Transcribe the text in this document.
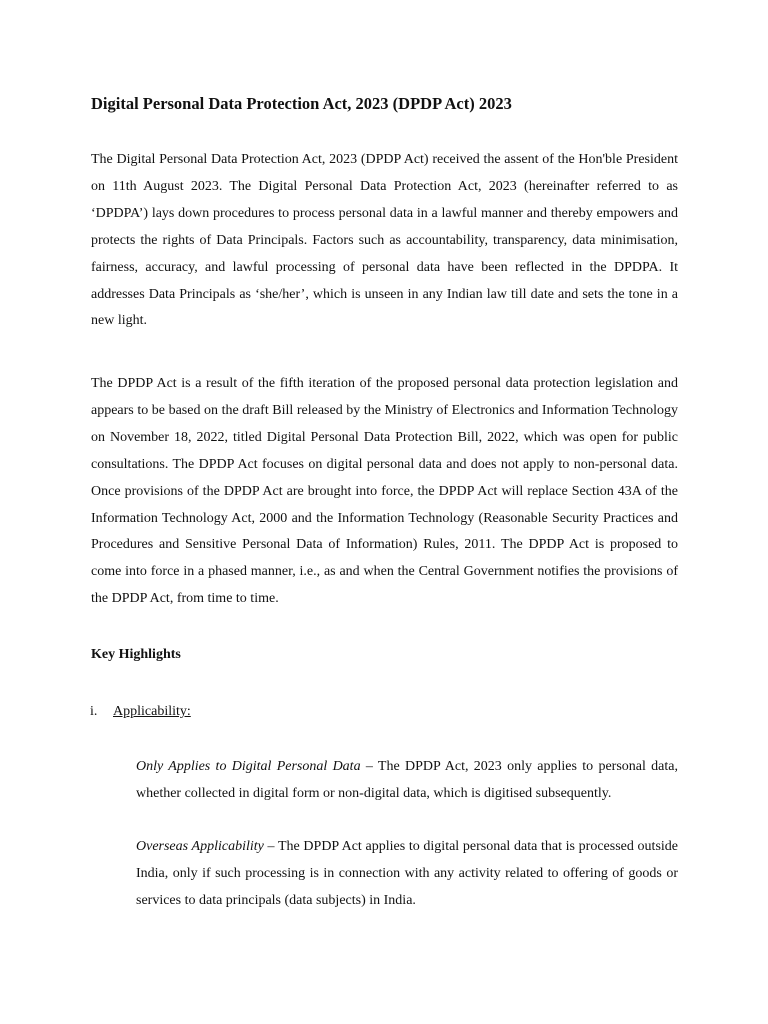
Digital Personal Data Protection Act, 2023 (DPDP Act) 2023

The Digital Personal Data Protection Act, 2023 (DPDP Act) received the assent of the Hon'ble President on 11th August 2023. The Digital Personal Data Protection Act, 2023 (hereinafter referred to as ‘DPDPA’) lays down procedures to process personal data in a lawful manner and thereby empowers and protects the rights of Data Principals. Factors such as accountability, transparency, data minimisation, fairness, accuracy, and lawful processing of personal data have been reflected in the DPDPA. It addresses Data Principals as ‘she/her’, which is unseen in any Indian law till date and sets the tone in a new light.

The DPDP Act is a result of the fifth iteration of the proposed personal data protection legislation and appears to be based on the draft Bill released by the Ministry of Electronics and Information Technology on November 18, 2022, titled Digital Personal Data Protection Bill, 2022, which was open for public consultations. The DPDP Act focuses on digital personal data and does not apply to non-personal data. Once provisions of the DPDP Act are brought into force, the DPDP Act will replace Section 43A of the Information Technology Act, 2000 and the Information Technology (Reasonable Security Practices and Procedures and Sensitive Personal Data of Information) Rules, 2011. The DPDP Act is proposed to come into force in a phased manner, i.e., as and when the Central Government notifies the provisions of the DPDP Act, from time to time.

Key Highlights
i. Applicability:

Only Applies to Digital Personal Data – The DPDP Act, 2023 only applies to personal data, whether collected in digital form or non-digital data, which is digitised subsequently.

Overseas Applicability – The DPDP Act applies to digital personal data that is processed outside India, only if such processing is in connection with any activity related to offering of goods or services to data principals (data subjects) in India.
